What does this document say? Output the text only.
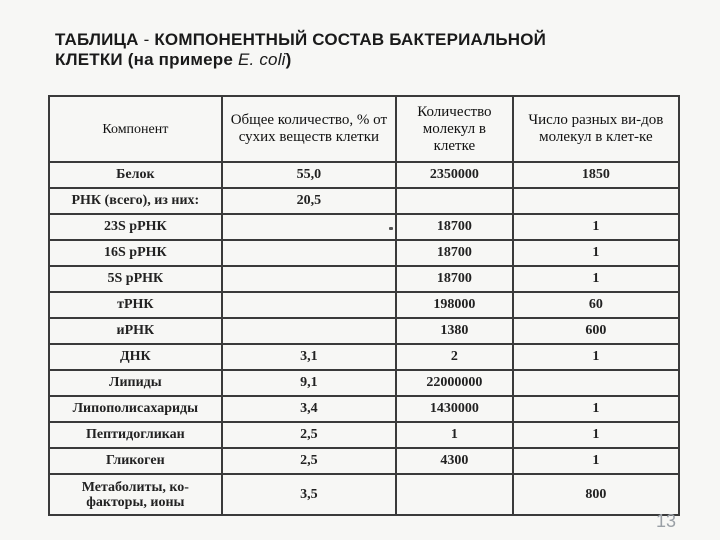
ТАБЛИЦА - КОМПОНЕНТНЫЙ СОСТАВ БАКТЕРИАЛЬНОЙ
КЛЕТКИ (на примере E. coli)
Компонент	Общее количество, % от сухих веществ клетки	Количество молекул в клетке	Число разных ви-дов молекул в клет-ке
Белок	55,0	2350000	1850
РНК (всего), из них:	20,5		
23S рРНК		18700	1
16S рРНК		18700	1
5S рРНК		18700	1
тРНК		198000	60
иРНК		1380	600
ДНК	3,1	2	1
Липиды	9,1	22000000	
Липополисахариды	3,4	1430000	1
Пептидогликан	2,5	1	1
Гликоген	2,5	4300	1
Метаболиты, ко-факторы, ионы	3,5		800
13
